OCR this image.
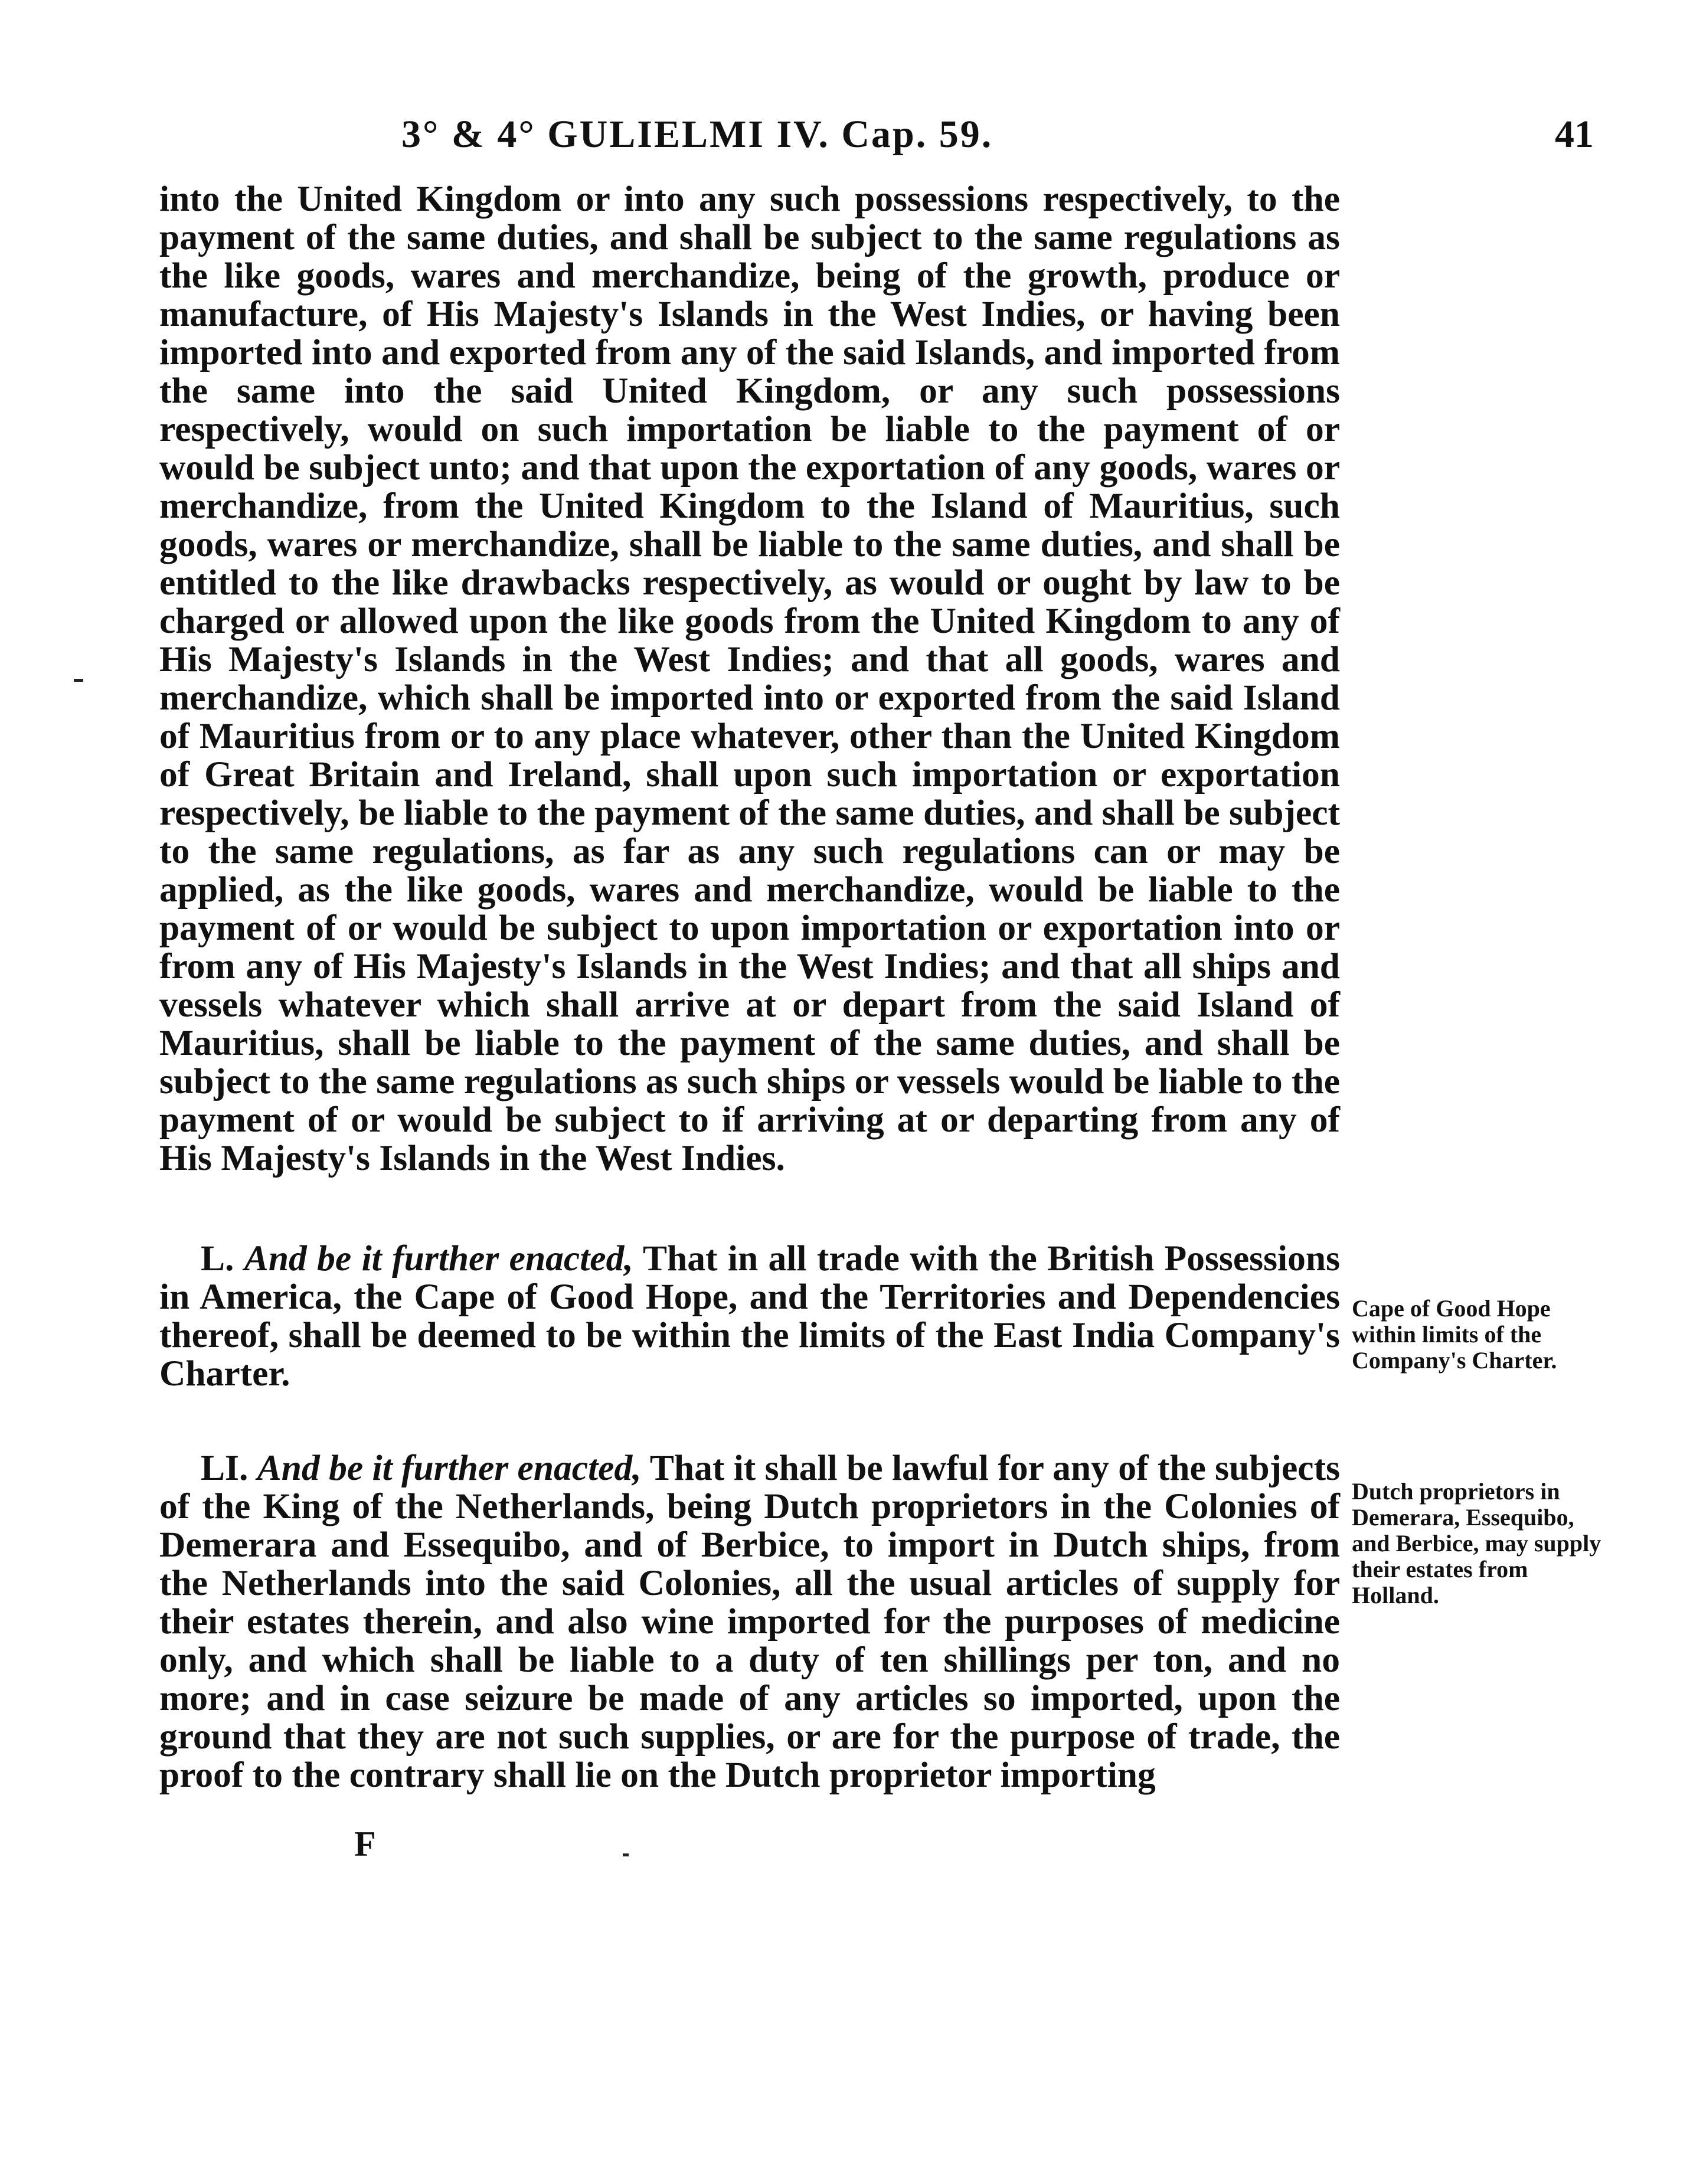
3° & 4° GULIELMI IV. Cap. 59.	41

into the United Kingdom or into any such possessions respectively, to the payment of the same duties, and shall be subject to the same regulations as the like goods, wares and merchandize, being of the growth, produce or manufacture, of His Majesty's Islands in the West Indies, or having been imported into and exported from any of the said Islands, and imported from the same into the said United Kingdom, or any such possessions respectively, would on such importation be liable to the payment of or would be subject unto; and that upon the exportation of any goods, wares or merchandize, from the United Kingdom to the Island of Mauritius, such goods, wares or merchandize, shall be liable to the same duties, and shall be entitled to the like drawbacks respectively, as would or ought by law to be charged or allowed upon the like goods from the United Kingdom to any of His Majesty's Islands in the West Indies; and that all goods, wares and merchandize, which shall be imported into or exported from the said Island of Mauritius from or to any place whatever, other than the United Kingdom of Great Britain and Ireland, shall upon such importation or exportation respectively, be liable to the payment of the same duties, and shall be subject to the same regulations, as far as any such regulations can or may be applied, as the like goods, wares and merchandize, would be liable to the payment of or would be subject to upon importation or exportation into or from any of His Majesty's Islands in the West Indies; and that all ships and vessels whatever which shall arrive at or depart from the said Island of Mauritius, shall be liable to the payment of the same duties, and shall be subject to the same regulations as such ships or vessels would be liable to the payment of or would be subject to if arriving at or departing from any of His Majesty's Islands in the West Indies.

L. And be it further enacted, That in all trade with the British Possessions in America, the Cape of Good Hope, and the Territories and Dependencies thereof, shall be deemed to be within the limits of the East India Company's Charter.

LI. And be it further enacted, That it shall be lawful for any of the subjects of the King of the Netherlands, being Dutch proprietors in the Colonies of Demerara and Essequibo, and of Berbice, to import in Dutch ships, from the Netherlands into the said Colonies, all the usual articles of supply for their estates therein, and also wine imported for the purposes of medicine only, and which shall be liable to a duty of ten shillings per ton, and no more; and in case seizure be made of any articles so imported, upon the ground that they are not such supplies, or are for the purpose of trade, the proof to the contrary shall lie on the Dutch proprietor importing

Cape of Good Hope within limits of the Company's Charter.
Dutch proprietors in Demerara, Essequibo, and Berbice, may supply their estates from Holland.
F
